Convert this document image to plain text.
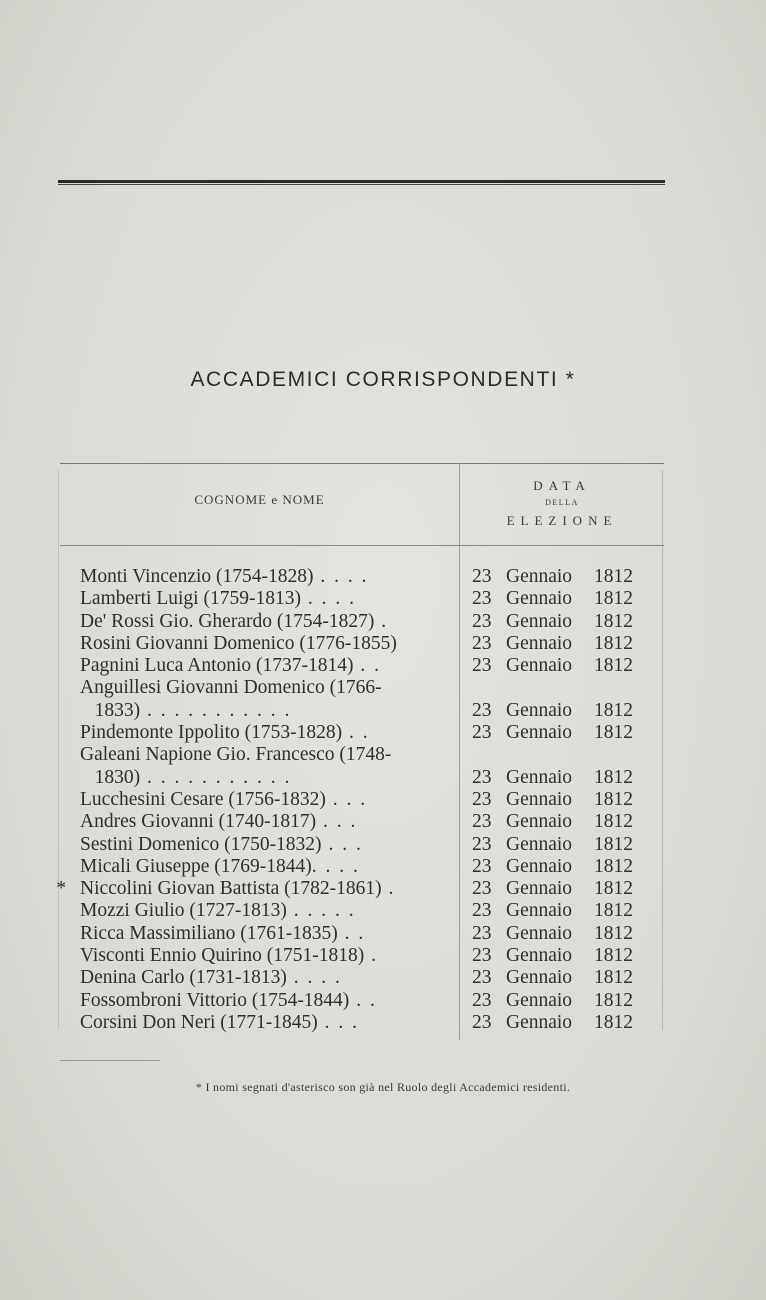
ACCADEMICI CORRISPONDENTI *
COGNOME e NOME
DATA
DELLA
ELEZIONE
Monti Vincenzio (1754-1828) . . . .	23 Gennaio 1812
Lamberti Luigi (1759-1813) . . . .	23 Gennaio 1812
De' Rossi Gio. Gherardo (1754-1827) .	23 Gennaio 1812
Rosini Giovanni Domenico (1776-1855)	23 Gennaio 1812
Pagnini Luca Antonio (1737-1814) . .	23 Gennaio 1812
Anguillesi Giovanni Domenico (1766-
1833) . . . . . . . . . . .	23 Gennaio 1812
Pindemonte Ippolito (1753-1828) . .	23 Gennaio 1812
Galeani Napione Gio. Francesco (1748-
1830) . . . . . . . . . . .	23 Gennaio 1812
Lucchesini Cesare (1756-1832) . . .	23 Gennaio 1812
Andres Giovanni (1740-1817) . . .	23 Gennaio 1812
Sestini Domenico (1750-1832) . . .	23 Gennaio 1812
Micali Giuseppe (1769-1844). . . .	23 Gennaio 1812
* Niccolini Giovan Battista (1782-1861) .	23 Gennaio 1812
Mozzi Giulio (1727-1813) . . . . .	23 Gennaio 1812
Ricca Massimiliano (1761-1835) . .	23 Gennaio 1812
Visconti Ennio Quirino (1751-1818) .	23 Gennaio 1812
Denina Carlo (1731-1813) . . . .	23 Gennaio 1812
Fossombroni Vittorio (1754-1844) . .	23 Gennaio 1812
Corsini Don Neri (1771-1845) . . .	23 Gennaio 1812
* I nomi segnati d'asterisco son già nel Ruolo degli Accademici residenti.
